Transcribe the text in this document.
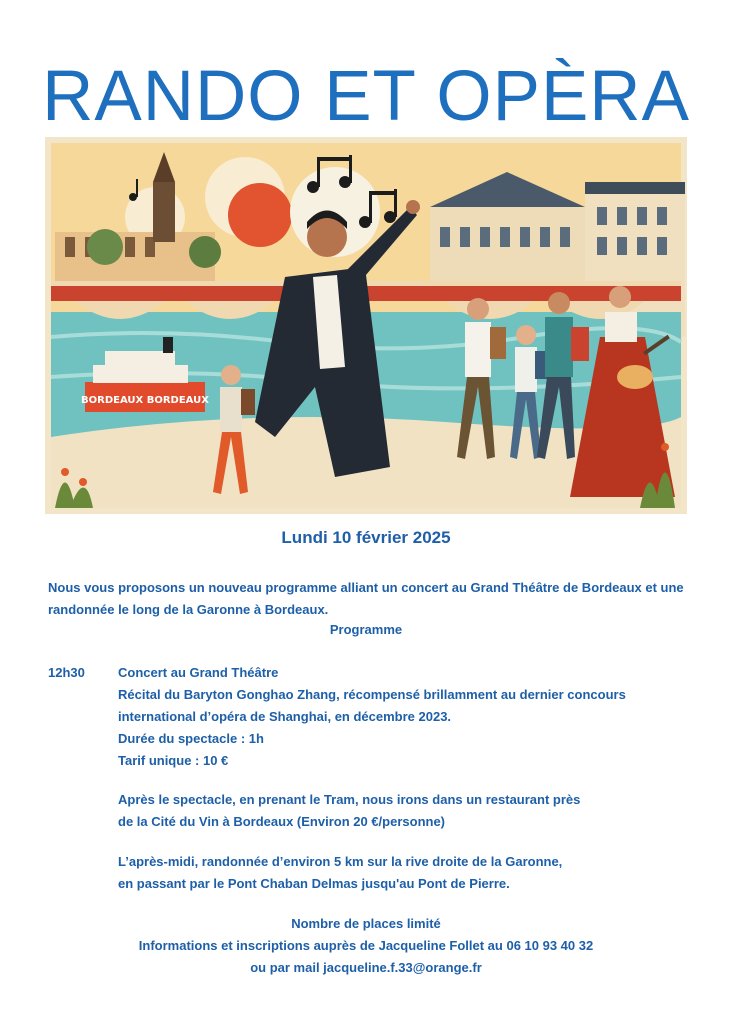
RANDO ET OPÈRA
BORDEAUX BORDEAUX
Lundi 10 février 2025
Nous vous proposons un nouveau programme alliant un concert au Grand Théâtre de Bordeaux et une
randonnée le long de la Garonne à Bordeaux.
Programme
12h30	Concert au Grand Théâtre
Récital du Baryton Gonghao Zhang, récompensé brillamment au dernier concours
international d’opéra de Shanghai, en décembre 2023.
Durée du spectacle : 1h
Tarif unique : 10 €
Après le spectacle, en prenant le Tram, nous irons dans un restaurant près
de la Cité du Vin à Bordeaux (Environ 20 €/personne)
L’après-midi, randonnée d’environ 5 km sur la rive droite de la Garonne,
en passant par le Pont Chaban Delmas jusqu'au Pont de Pierre.
Nombre de places limité
Informations et inscriptions auprès de Jacqueline Follet au 06 10 93 40 32
ou par mail jacqueline.f.33@orange.fr
